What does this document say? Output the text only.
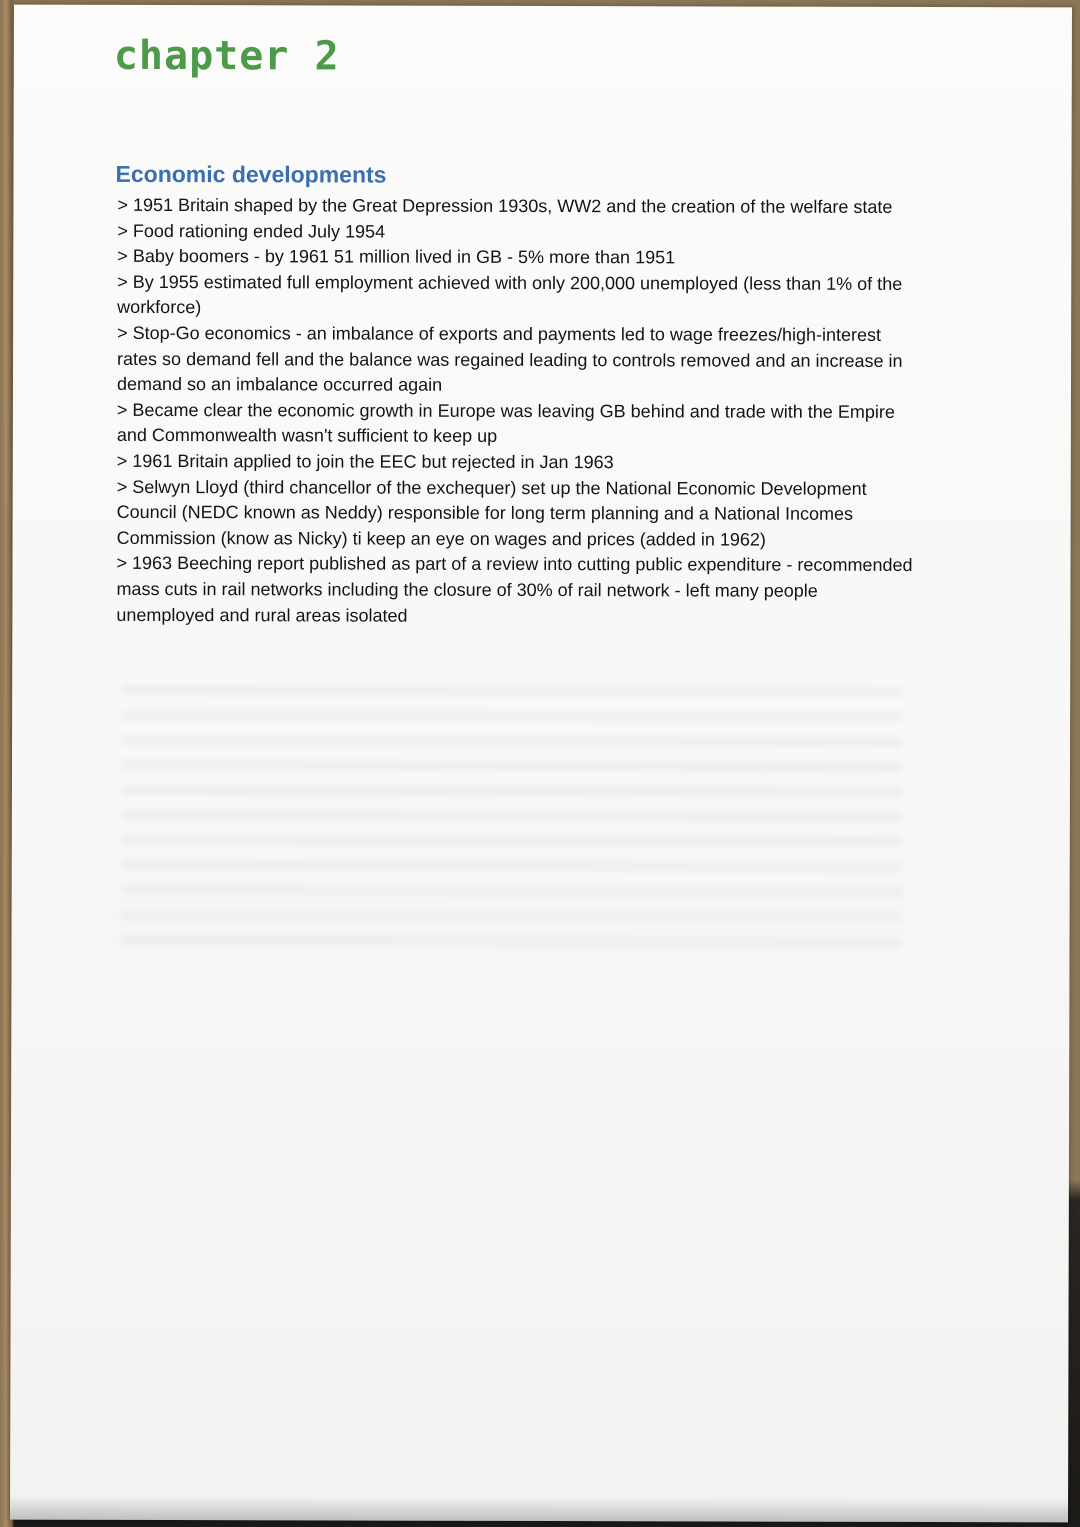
chapter 2
Economic developments
> 1951 Britain shaped by the Great Depression 1930s, WW2 and the creation of the welfare state
> Food rationing ended July 1954
> Baby boomers - by 1961 51 million lived in GB - 5% more than 1951
> By 1955 estimated full employment achieved with only 200,000 unemployed (less than 1% of the workforce)
> Stop-Go economics - an imbalance of exports and payments led to wage freezes/high-interest rates so demand fell and the balance was regained leading to controls removed and an increase in demand so an imbalance occurred again
> Became clear the economic growth in Europe was leaving GB behind and trade with the Empire and Commonwealth wasn't sufficient to keep up
> 1961 Britain applied to join the EEC but rejected in Jan 1963
> Selwyn Lloyd (third chancellor of the exchequer) set up the National Economic Development Council (NEDC known as Neddy) responsible for long term planning and a National Incomes Commission (know as Nicky) ti keep an eye on wages and prices (added in 1962)
> 1963 Beeching report published as part of a review into cutting public expenditure - recommended mass cuts in rail networks including the closure of 30% of rail network - left many people unemployed and rural areas isolated
